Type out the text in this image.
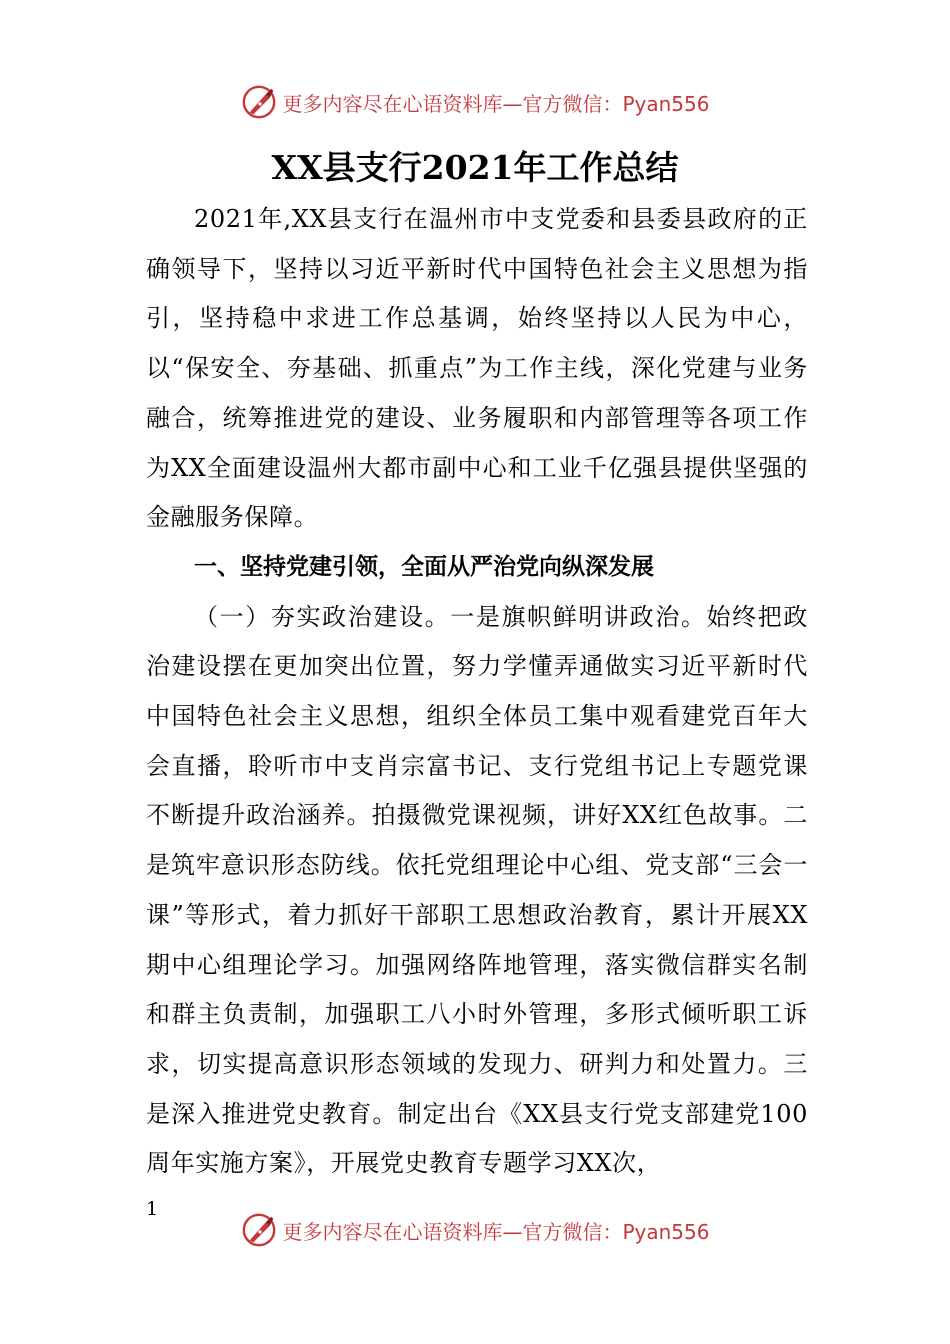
更多内容尽在心语资料库—官方微信：Pyan556
XX县支行2021年工作总结

2021年,XX县支行在温州市中支党委和县委县政府的正确领导下，坚持以习近平新时代中国特色社会主义思想为指引，坚持稳中求进工作总基调，始终坚持以人民为中心，以“保安全、夯基础、抓重点”为工作主线，深化党建与业务融合，统筹推进党的建设、业务履职和内部管理等各项工作为XX全面建设温州大都市副中心和工业千亿强县提供坚强的金融服务保障。

一、坚持党建引领，全面从严治党向纵深发展

（一）夯实政治建设。一是旗帜鲜明讲政治。始终把政治建设摆在更加突出位置，努力学懂弄通做实习近平新时代中国特色社会主义思想，组织全体员工集中观看建党百年大会直播，聆听市中支肖宗富书记、支行党组书记上专题党课不断提升政治涵养。拍摄微党课视频，讲好XX红色故事。二是筑牢意识形态防线。依托党组理论中心组、党支部“三会一课”等形式，着力抓好干部职工思想政治教育，累计开展XX期中心组理论学习。加强网络阵地管理，落实微信群实名制和群主负责制，加强职工八小时外管理，多形式倾听职工诉求，切实提高意识形态领域的发现力、研判力和处置力。三是深入推进党史教育。制定出台《XX县支行党支部建党100周年实施方案》，开展党史教育专题学习XX次，

1
更多内容尽在心语资料库—官方微信：Pyan556
